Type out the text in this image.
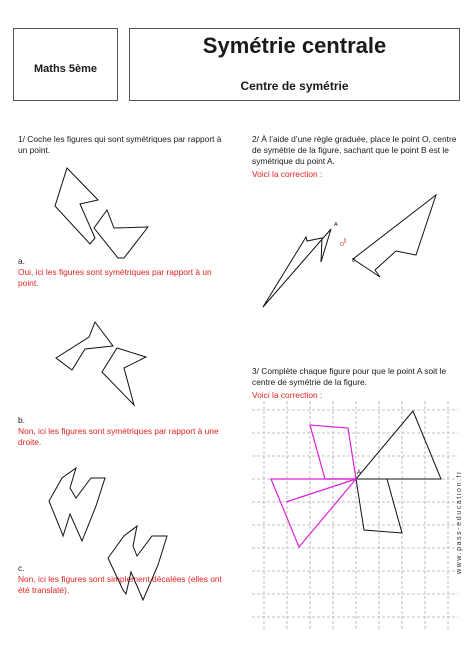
Maths 5ème
Symétrie centrale
Centre de symétrie
1/ Coche les figures qui sont symétriques par rapport à un point.
a.
Oui, ici les figures sont symétriques par rapport à un point.
b.
Non, ici les figures sont symétriques par rapport à une droite.
c.
Non, ici les figures sont simplement décalées (elles ont été translaté).
2/ À l’aide d’une règle graduée, place le point O, centre de symétrie de la figure, sachant que le point B est le symétrique du point A.
Voici la correction :
3/ Complète chaque figure pour que le point A soit le centre de symétrie de la figure.
Voici la correction :
A
B
O
A	www.pass-education.fr
